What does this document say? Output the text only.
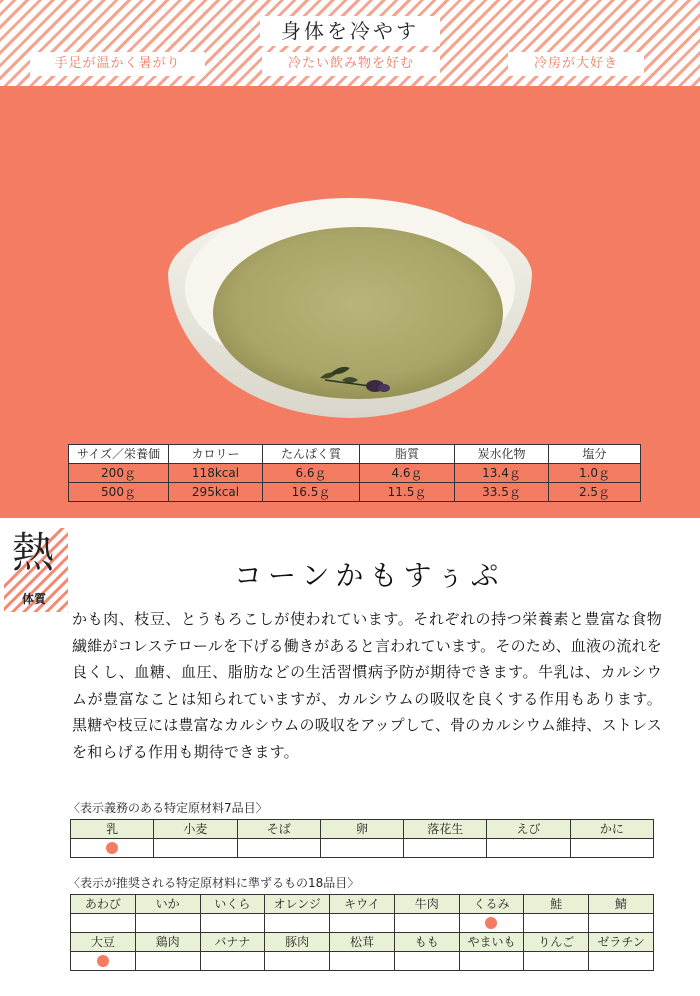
身体を冷やす
手足が温かく暑がり	冷たい飲み物を好む	冷房が大好き
サイズ／栄養価	カロリー	たんぱく質	脂質	炭水化物	塩分
200ｇ	118kcal	6.6ｇ	4.6ｇ	13.4ｇ	1.0ｇ
500ｇ	295kcal	16.5ｇ	11.5ｇ	33.5ｇ	2.5ｇ
熱
体質
コーンかもすぅぷ
かも肉、枝豆、とうもろこしが使われています。それぞれの持つ栄養素と豊富な食物繊維がコレステロールを下げる働きがあると言われています。そのため、血液の流れを良くし、血糖、血圧、脂肪などの生活習慣病予防が期待できます。牛乳は、カルシウムが豊富なことは知られていますが、カルシウムの吸収を良くする作用もあります。黒糖や枝豆には豊富なカルシウムの吸収をアップして、骨のカルシウム維持、ストレスを和らげる作用も期待できます。
〈表示義務のある特定原材料7品目〉
乳	小麦	そば	卵	落花生	えび	かに

〈表示が推奨される特定原材料に準ずるもの18品目〉
あわび	いか	いくら	オレンジ	キウイ	牛肉	くるみ	鮭	鯖

大豆	鶏肉	バナナ	豚肉	松茸	もも	やまいも	りんご	ゼラチン
